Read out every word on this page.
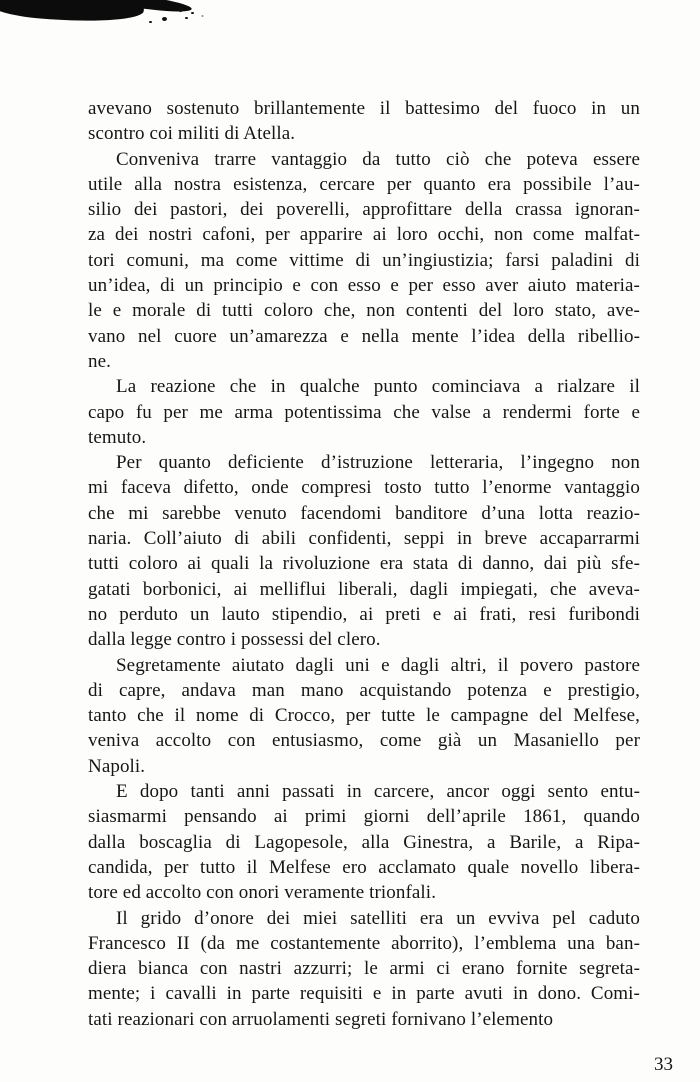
avevano sostenuto brillantemente il battesimo del fuoco in un
scontro coi militi di Atella.
Conveniva trarre vantaggio da tutto ciò che poteva essere
utile alla nostra esistenza, cercare per quanto era possibile l’au-
silio dei pastori, dei poverelli, approfittare della crassa ignoran-
za dei nostri cafoni, per apparire ai loro occhi, non come malfat-
tori comuni, ma come vittime di un’ingiustizia; farsi paladini di
un’idea, di un principio e con esso e per esso aver aiuto materia-
le e morale di tutti coloro che, non contenti del loro stato, ave-
vano nel cuore un’amarezza e nella mente l’idea della ribellio-
ne.
La reazione che in qualche punto cominciava a rialzare il
capo fu per me arma potentissima che valse a rendermi forte e
temuto.
Per quanto deficiente d’istruzione letteraria, l’ingegno non
mi faceva difetto, onde compresi tosto tutto l’enorme vantaggio
che mi sarebbe venuto facendomi banditore d’una lotta reazio-
naria. Coll’aiuto di abili confidenti, seppi in breve accaparrarmi
tutti coloro ai quali la rivoluzione era stata di danno, dai più sfe-
gatati borbonici, ai melliflui liberali, dagli impiegati, che aveva-
no perduto un lauto stipendio, ai preti e ai frati, resi furibondi
dalla legge contro i possessi del clero.
Segretamente aiutato dagli uni e dagli altri, il povero pastore
di capre, andava man mano acquistando potenza e prestigio,
tanto che il nome di Crocco, per tutte le campagne del Melfese,
veniva accolto con entusiasmo, come già un Masaniello per
Napoli.
E dopo tanti anni passati in carcere, ancor oggi sento entu-
siasmarmi pensando ai primi giorni dell’aprile 1861, quando
dalla boscaglia di Lagopesole, alla Ginestra, a Barile, a Ripa-
candida, per tutto il Melfese ero acclamato quale novello libera-
tore ed accolto con onori veramente trionfali.
Il grido d’onore dei miei satelliti era un evviva pel caduto
Francesco II (da me costantemente aborrito), l’emblema una ban-
diera bianca con nastri azzurri; le armi ci erano fornite segreta-
mente; i cavalli in parte requisiti e in parte avuti in dono. Comi-
tati reazionari con arruolamenti segreti fornivano l’elemento
33
